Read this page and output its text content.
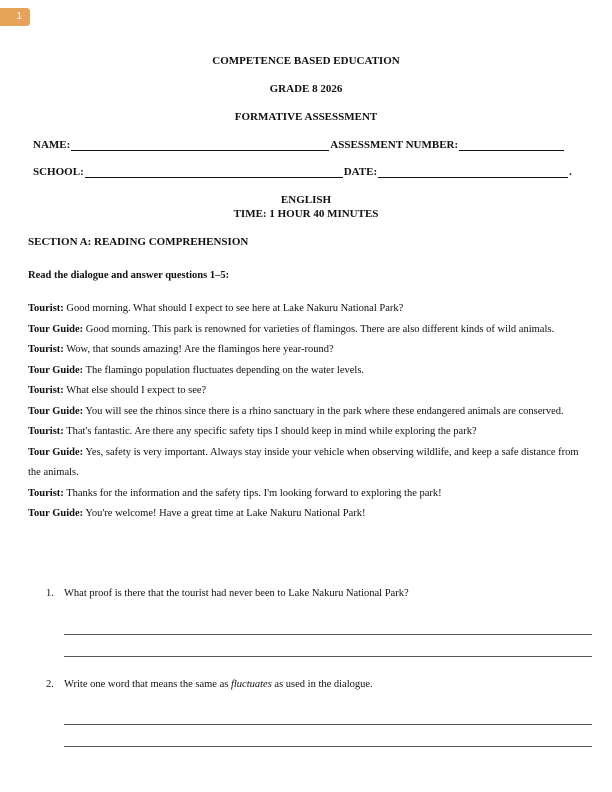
1
COMPETENCE BASED EDUCATION
GRADE 8 2026
FORMATIVE ASSESSMENT
NAME:	ASSESSMENT NUMBER:
SCHOOL:	DATE:	.
ENGLISH
TIME: 1 HOUR 40 MINUTES
SECTION A: READING COMPREHENSION
Read the dialogue and answer questions 1–5:

Tourist: Good morning. What should I expect to see here at Lake Nakuru National Park?

Tour Guide: Good morning. This park is renowned for varieties of flamingos. There are also different kinds of wild animals.

Tourist: Wow, that sounds amazing! Are the flamingos here year-round?

Tour Guide: The flamingo population fluctuates depending on the water levels.

Tourist: What else should I expect to see?

Tour Guide: You will see the rhinos since there is a rhino sanctuary in the park where these endangered animals are conserved.

Tourist: That's fantastic. Are there any specific safety tips I should keep in mind while exploring the park?

Tour Guide: Yes, safety is very important. Always stay inside your vehicle when observing wildlife, and keep a safe distance from the animals.

Tourist: Thanks for the information and the safety tips. I'm looking forward to exploring the park!

Tour Guide: You're welcome! Have a great time at Lake Nakuru National Park!

1. What proof is there that the tourist had never been to Lake Nakuru National Park?
2. Write one word that means the same as fluctuates as used in the dialogue.
